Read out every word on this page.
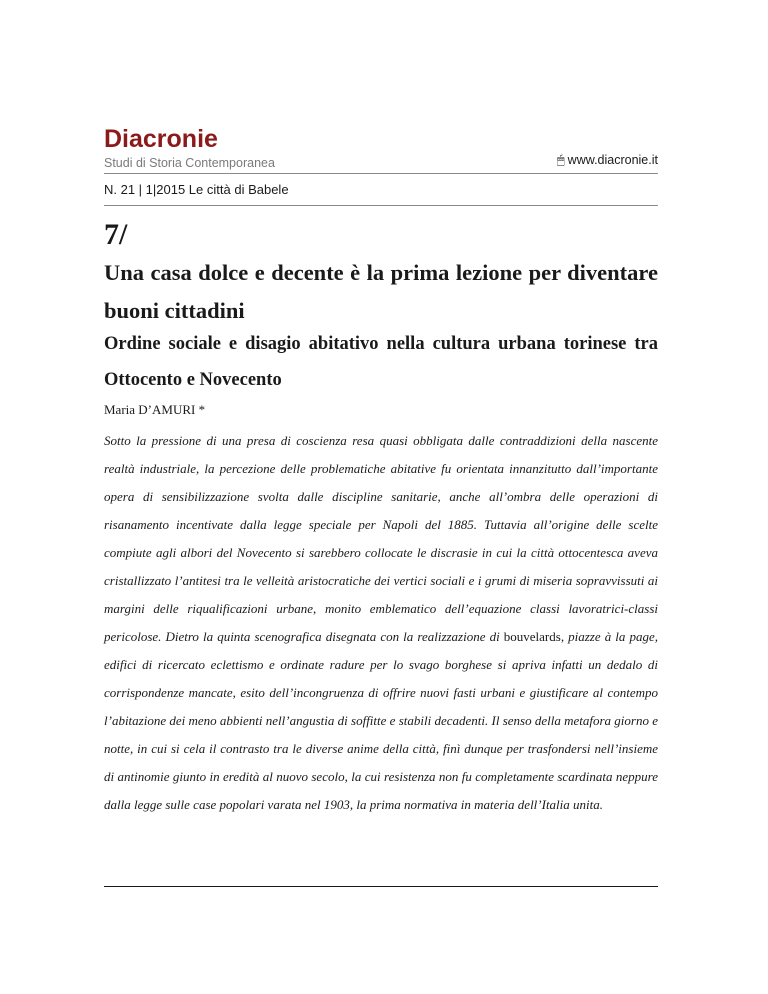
Diacronie
Studi di Storia Contemporanea	🖱︎ www.diacronie.it
N. 21 | 1|2015 Le città di Babele
7/
Una casa dolce e decente è la prima lezione per diventare buoni cittadini
Ordine sociale e disagio abitativo nella cultura urbana torinese tra Ottocento e Novecento
Maria D’AMURI *

Sotto la pressione di una presa di coscienza resa quasi obbligata dalle contraddizioni della nascente realtà industriale, la percezione delle problematiche abitative fu orientata innanzitutto dall’importante opera di sensibilizzazione svolta dalle discipline sanitarie, anche all’ombra delle operazioni di risanamento incentivate dalla legge speciale per Napoli del 1885. Tuttavia all’origine delle scelte compiute agli albori del Novecento si sarebbero collocate le discrasie in cui la città ottocentesca aveva cristallizzato l’antitesi tra le velleità aristocratiche dei vertici sociali e i grumi di miseria sopravvissuti ai margini delle riqualificazioni urbane, monito emblematico dell’equazione classi lavoratrici-classi pericolose. Dietro la quinta scenografica disegnata con la realizzazione di bouvelards, piazze à la page, edifici di ricercato eclettismo e ordinate radure per lo svago borghese si apriva infatti un dedalo di corrispondenze mancate, esito dell’incongruenza di offrire nuovi fasti urbani e giustificare al contempo l’abitazione dei meno abbienti nell’angustia di soffitte e stabili decadenti. Il senso della metafora giorno e notte, in cui si cela il contrasto tra le diverse anime della città, finì dunque per trasfondersi nell’insieme di antinomie giunto in eredità al nuovo secolo, la cui resistenza non fu completamente scardinata neppure dalla legge sulle case popolari varata nel 1903, la prima normativa in materia dell’Italia unita.
